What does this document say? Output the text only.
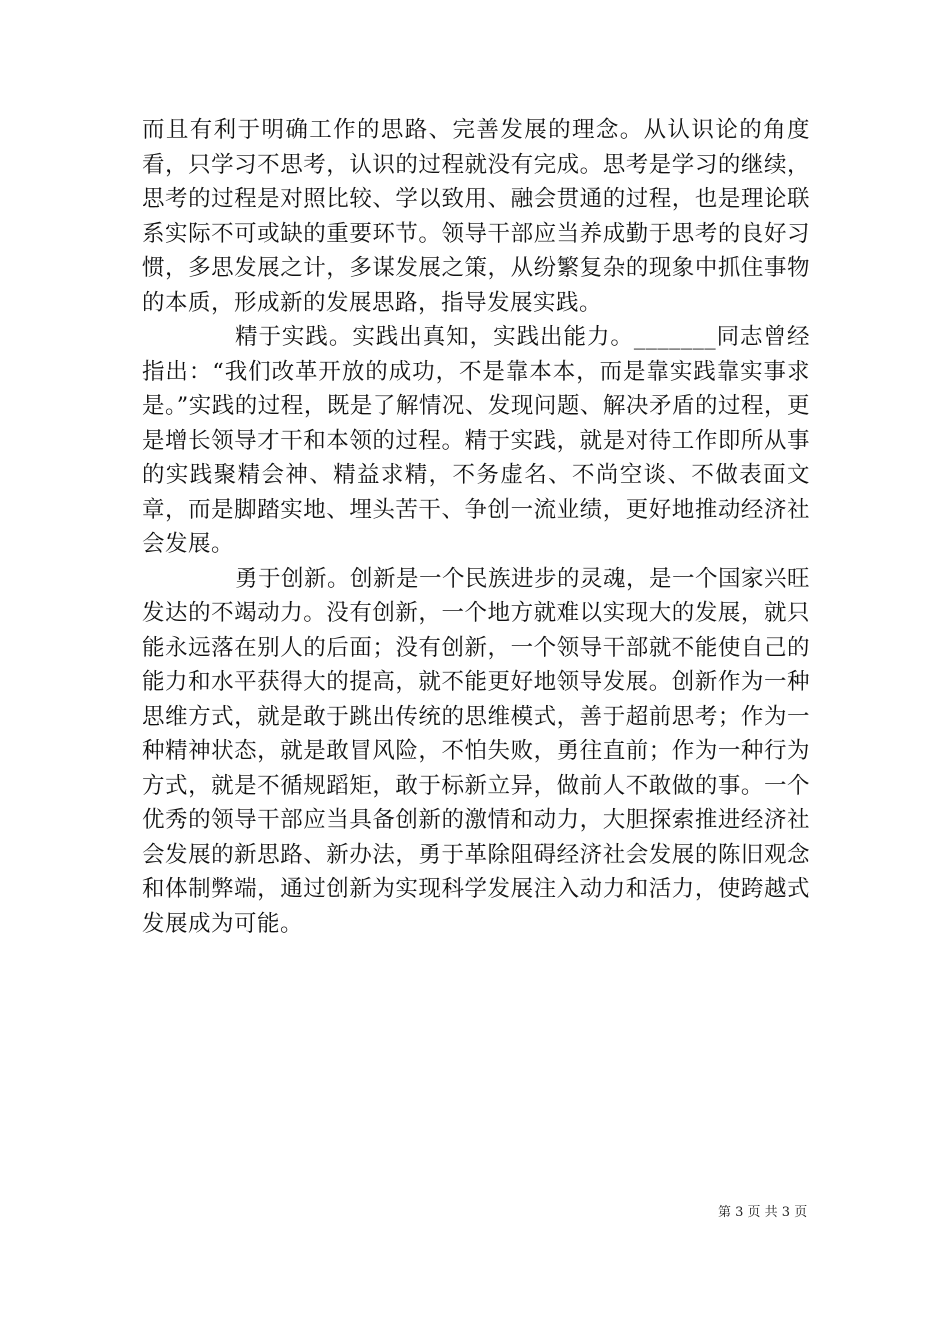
而且有利于明确工作的思路、完善发展的理念。从认识论的角度看，只学习不思考，认识的过程就没有完成。思考是学习的继续，思考的过程是对照比较、学以致用、融会贯通的过程，也是理论联系实际不可或缺的重要环节。领导干部应当养成勤于思考的良好习惯，多思发展之计，多谋发展之策，从纷繁复杂的现象中抓住事物的本质，形成新的发展思路，指导发展实践。

精于实践。实践出真知，实践出能力。_______同志曾经指出：“我们改革开放的成功，不是靠本本，而是靠实践靠实事求是。”实践的过程，既是了解情况、发现问题、解决矛盾的过程，更是增长领导才干和本领的过程。精于实践，就是对待工作即所从事的实践聚精会神、精益求精，不务虚名、不尚空谈、不做表面文章，而是脚踏实地、埋头苦干、争创一流业绩，更好地推动经济社会发展。

勇于创新。创新是一个民族进步的灵魂，是一个国家兴旺发达的不竭动力。没有创新，一个地方就难以实现大的发展，就只能永远落在别人的后面；没有创新，一个领导干部就不能使自己的能力和水平获得大的提高，就不能更好地领导发展。创新作为一种思维方式，就是敢于跳出传统的思维模式，善于超前思考；作为一种精神状态，就是敢冒风险，不怕失败，勇往直前；作为一种行为方式，就是不循规蹈矩，敢于标新立异，做前人不敢做的事。一个优秀的领导干部应当具备创新的激情和动力，大胆探索推进经济社会发展的新思路、新办法，勇于革除阻碍经济社会发展的陈旧观念和体制弊端，通过创新为实现科学发展注入动力和活力，使跨越式发展成为可能。

第 3 页 共 3 页
